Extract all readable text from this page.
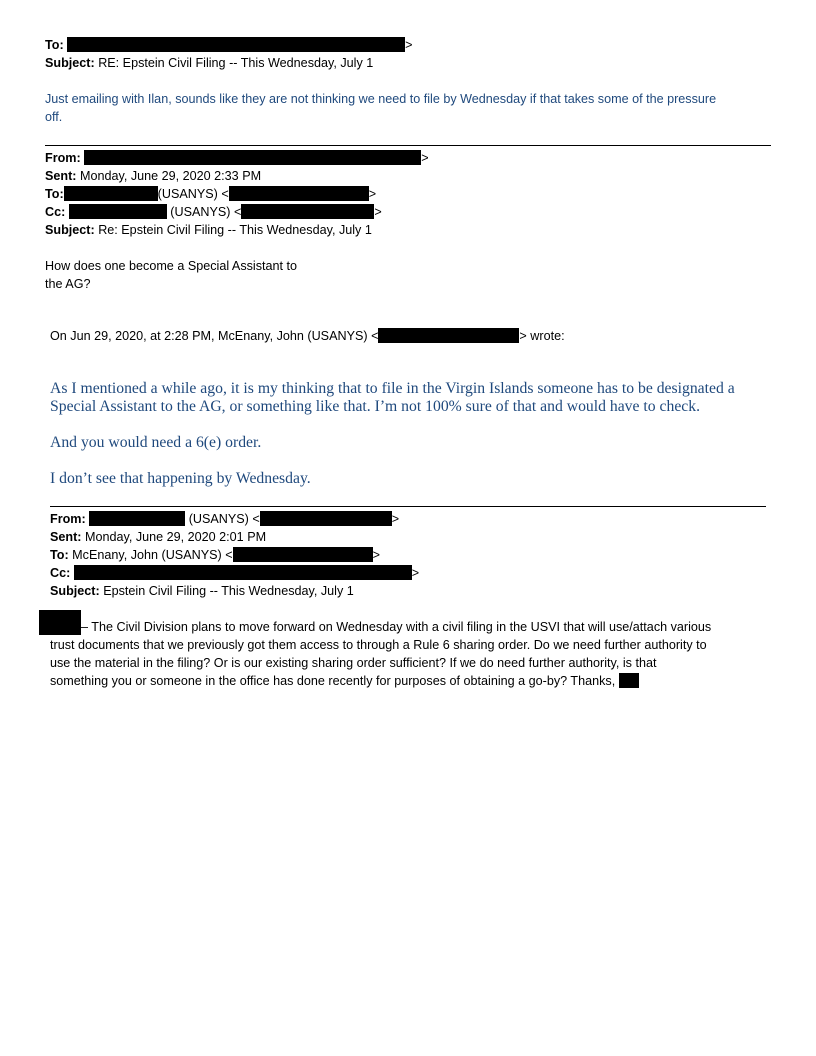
To:	>
Subject: RE: Epstein Civil Filing -- This Wednesday, July 1
Just emailing with Ilan, sounds like they are not thinking we need to file by Wednesday if that takes some of the pressure
off.
From:	>
Sent: Monday, June 29, 2020 2:33 PM
To:	(USANYS) <	>
Cc:	(USANYS) <	>
Subject: Re: Epstein Civil Filing -- This Wednesday, July 1
How does one become a Special Assistant to
the AG?
On Jun 29, 2020, at 2:28 PM, McEnany, John (USANYS) <	> wrote:
As I mentioned a while ago, it is my thinking that to file in the Virgin Islands someone has to be designated a
Special Assistant to the AG, or something like that. I’m not 100% sure of that and would have to check.
And you would need a 6(e) order.
I don’t see that happening by Wednesday.
From:	(USANYS) <	>
Sent: Monday, June 29, 2020 2:01 PM
To: McEnany, John (USANYS) <	>
Cc:	>
Subject: Epstein Civil Filing -- This Wednesday, July 1
– The Civil Division plans to move forward on Wednesday with a civil filing in the USVI that will use/attach various
trust documents that we previously got them access to through a Rule 6 sharing order. Do we need further authority to
use the material in the filing? Or is our existing sharing order sufficient? If we do need further authority, is that
something you or someone in the office has done recently for purposes of obtaining a go-by? Thanks,
